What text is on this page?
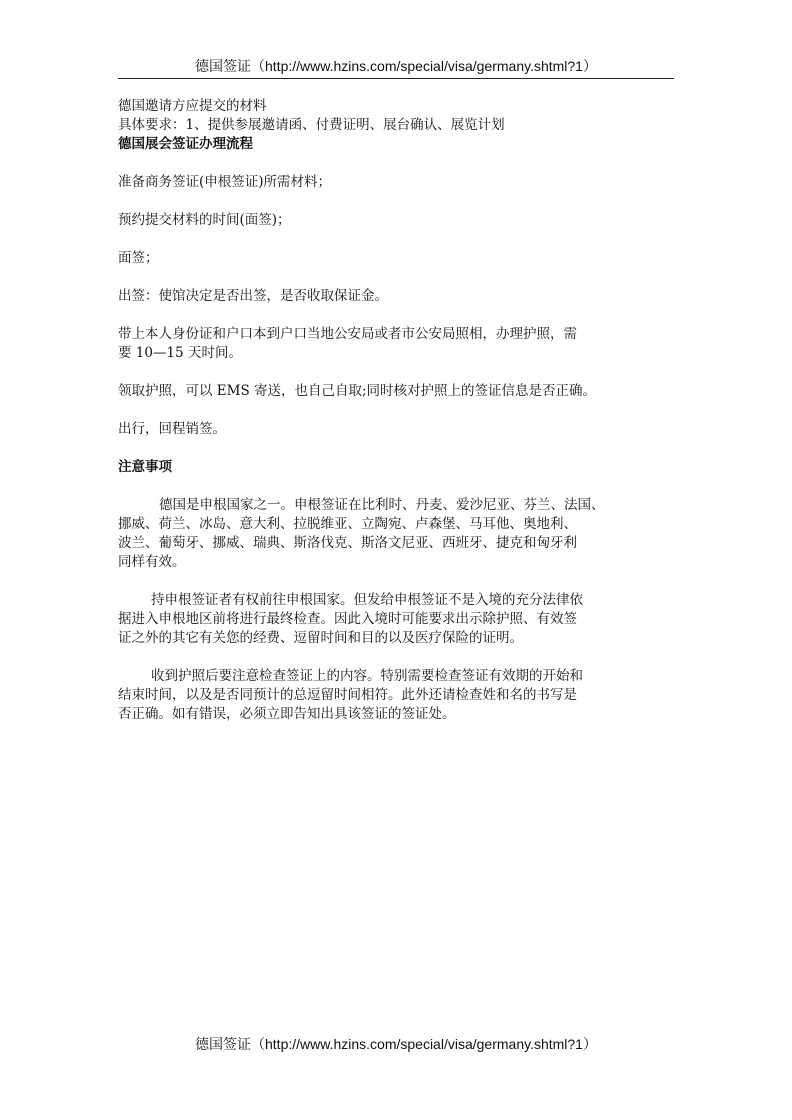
德国签证（http://www.hzins.com/special/visa/germany.shtml?1）

德国邀请方应提交的材料

具体要求：1、提供参展邀请函、付费证明、展台确认、展览计划

德国展会签证办理流程

准备商务签证(申根签证)所需材料；

预约提交材料的时间(面签)；

面签；

出签：使馆决定是否出签，是否收取保证金。

带上本人身份证和户口本到户口当地公安局或者市公安局照相，办理护照，需
要 10—15 天时间。

领取护照，可以 EMS 寄送，也自己自取;同时核对护照上的签证信息是否正确。

出行，回程销签。

注意事项

德国是申根国家之一。申根签证在比利时、丹麦、爱沙尼亚、芬兰、法国、
挪威、荷兰、冰岛、意大利、拉脱维亚、立陶宛、卢森堡、马耳他、奥地利、
波兰、葡萄牙、挪威、瑞典、斯洛伐克、斯洛文尼亚、西班牙、捷克和匈牙利
同样有效。

持申根签证者有权前往申根国家。但发给申根签证不是入境的充分法律依
据进入申根地区前将进行最终检查。因此入境时可能要求出示除护照、有效签
证之外的其它有关您的经费、逗留时间和目的以及医疗保险的证明。

收到护照后要注意检查签证上的内容。特别需要检查签证有效期的开始和
结束时间，以及是否同预计的总逗留时间相符。此外还请检查姓和名的书写是
否正确。如有错误，必须立即告知出具该签证的签证处。

德国签证（http://www.hzins.com/special/visa/germany.shtml?1）
